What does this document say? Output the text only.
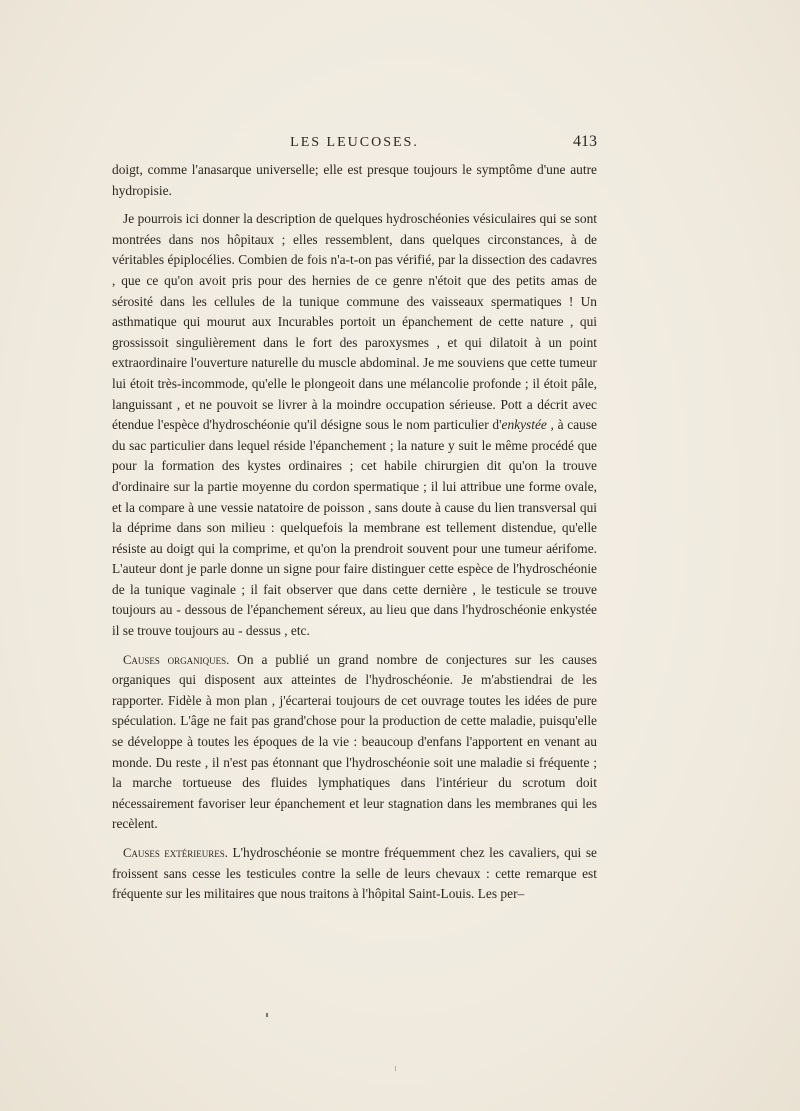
LES LEUCOSES.	413

doigt, comme l'anasarque universelle; elle est presque toujours le symptôme d'une autre hydropisie.

Je pourrois ici donner la description de quelques hydroschéonies vésiculaires qui se sont montrées dans nos hôpitaux ; elles ressemblent, dans quelques circonstances, à de véritables épiplocélies. Combien de fois n'a-t-on pas vérifié, par la dissection des cadavres , que ce qu'on avoit pris pour des hernies de ce genre n'étoit que des petits amas de sérosité dans les cellules de la tunique commune des vaisseaux spermatiques ! Un asthmatique qui mourut aux Incurables portoit un épanchement de cette nature , qui grossissoit singulièrement dans le fort des paroxysmes , et qui dilatoit à un point extraordinaire l'ouverture naturelle du muscle abdominal. Je me souviens que cette tumeur lui étoit très-incommode, qu'elle le plongeoit dans une mélancolie profonde ; il étoit pâle, languissant , et ne pouvoit se livrer à la moindre occupation sérieuse. Pott a décrit avec étendue l'espèce d'hydroschéonie qu'il désigne sous le nom particulier d'enkystée , à cause du sac particulier dans lequel réside l'épanchement ; la nature y suit le même procédé que pour la formation des kystes ordinaires ; cet habile chirurgien dit qu'on la trouve d'ordinaire sur la partie moyenne du cordon spermatique ; il lui attribue une forme ovale, et la compare à une vessie natatoire de poisson , sans doute à cause du lien transversal qui la déprime dans son milieu : quelquefois la membrane est tellement distendue, qu'elle résiste au doigt qui la comprime, et qu'on la prendroit souvent pour une tumeur aérifome. L'auteur dont je parle donne un signe pour faire distinguer cette espèce de l'hydroschéonie de la tunique vaginale ; il fait observer que dans cette dernière , le testicule se trouve toujours au - dessous de l'épanchement séreux, au lieu que dans l'hydroschéonie enkystée il se trouve toujours au - dessus , etc.

Causes organiques. On a publié un grand nombre de conjectures sur les causes organiques qui disposent aux atteintes de l'hydroschéonie. Je m'abstiendrai de les rapporter. Fidèle à mon plan , j'écarterai toujours de cet ouvrage toutes les idées de pure spéculation. L'âge ne fait pas grand'chose pour la production de cette maladie, puisqu'elle se développe à toutes les époques de la vie : beaucoup d'enfans l'apportent en venant au monde. Du reste , il n'est pas étonnant que l'hydroschéonie soit une maladie si fréquente ; la marche tortueuse des fluides lymphatiques dans l'intérieur du scrotum doit nécessairement favoriser leur épanchement et leur stagnation dans les membranes qui les recèlent.

Causes extérieures. L'hydroschéonie se montre fréquemment chez les cavaliers, qui se froissent sans cesse les testicules contre la selle de leurs chevaux : cette remarque est fréquente sur les militaires que nous traitons à l'hôpital Saint-Louis. Les per–
